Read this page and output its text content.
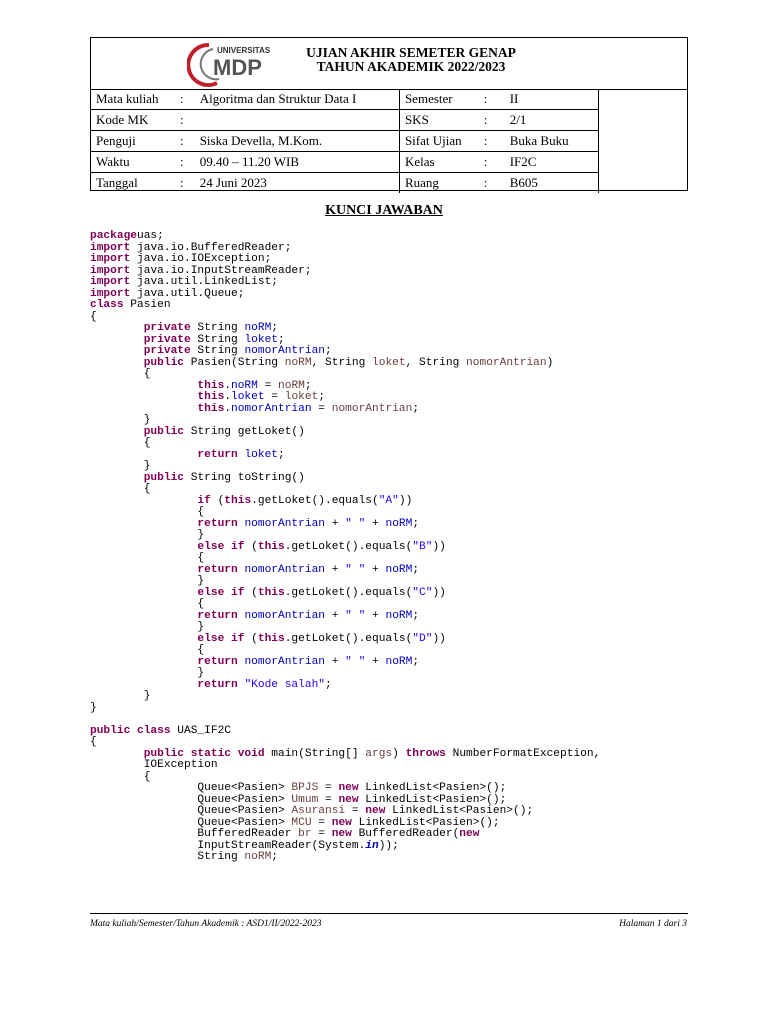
UNIVERSITAS
MDP
UJIAN AKHIR SEMETER GENAP
TAHUN AKADEMIK 2022/2023
Mata kuliah	:	Algoritma dan Struktur Data I	Semester	:	II
Kode MK	:		SKS	:	2/1
Penguji	:	Siska Devella, M.Kom.	Sifat Ujian	:	Buka Buku
Waktu	:	09.40 – 11.20 WIB	Kelas	:	IF2C
Tanggal	:	24 Juni 2023	Ruang	:	B605
KUNCI JAWABAN
packageuas;
import java.io.BufferedReader;
import java.io.IOException;
import java.io.InputStreamReader;
import java.util.LinkedList;
import java.util.Queue;
class Pasien
{
private String noRM;
private String loket;
private String nomorAntrian;
public Pasien(String noRM, String loket, String nomorAntrian)
{
this.noRM = noRM;
this.loket = loket;
this.nomorAntrian = nomorAntrian;
}
public String getLoket()
{
return loket;
}
public String toString()
{
if (this.getLoket().equals("A"))
{
return nomorAntrian + " " + noRM;
}
else if (this.getLoket().equals("B"))
{
return nomorAntrian + " " + noRM;
}
else if (this.getLoket().equals("C"))
{
return nomorAntrian + " " + noRM;
}
else if (this.getLoket().equals("D"))
{
return nomorAntrian + " " + noRM;
}
return "Kode salah";
}
}
public class UAS_IF2C
{
public static void main(String[] args) throws NumberFormatException,
IOException
{
Queue<Pasien> BPJS = new LinkedList<Pasien>();
Queue<Pasien> Umum = new LinkedList<Pasien>();
Queue<Pasien> Asuransi = new LinkedList<Pasien>();
Queue<Pasien> MCU = new LinkedList<Pasien>();
BufferedReader br = new BufferedReader(new
InputStreamReader(System.in));
String noRM;
Mata kuliah/Semester/Tahun Akademik : ASD1/II/2022-2023	Halaman 1 dari 3
